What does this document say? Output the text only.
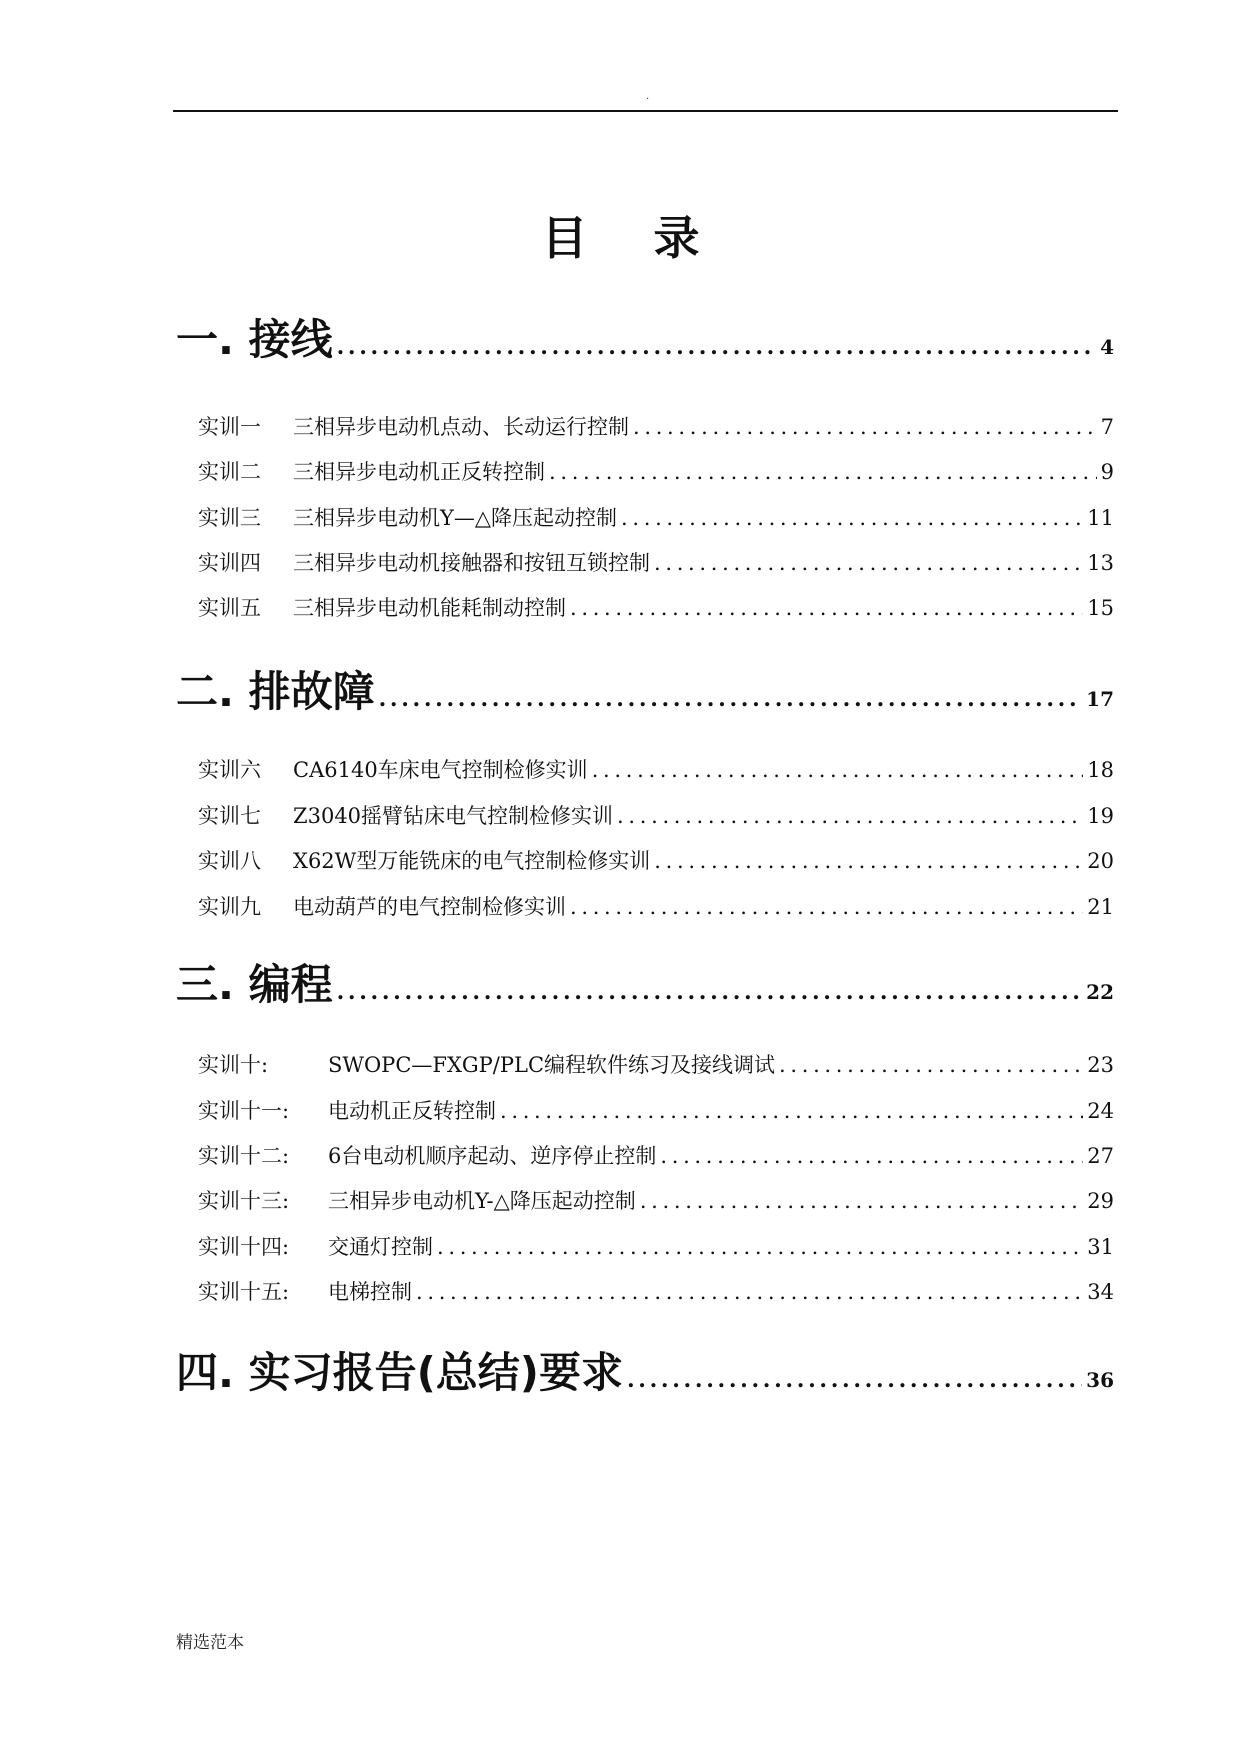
.
目录
一. 接线 . . .	4
实训一 三相异步电动机点动、长动运行控制 . . .	7
实训二 三相异步电动机正反转控制 . . .	9
实训三 三相异步电动机Y—△降压起动控制 . . .	11
实训四 三相异步电动机接触器和按钮互锁控制 . . .	13
实训五 三相异步电动机能耗制动控制 . . .	15
二. 排故障 . . .	17
实训六 CA6140车床电气控制检修实训 . . .	18
实训七 Z3040摇臂钻床电气控制检修实训 . . .	19
实训八 X62W型万能铣床的电气控制检修实训 . . .	20
实训九 电动葫芦的电气控制检修实训 . . .	21
三. 编程 . . .	22
实训十:	SWOPC—FXGP/PLC编程软件练习及接线调试 . . .	23
实训十一: 电动机正反转控制 . . .	24
实训十二: 6台电动机顺序起动、逆序停止控制 . . .	27
实训十三: 三相异步电动机Y-△降压起动控制 . . .	29
实训十四: 交通灯控制 . . .	31
实训十五: 电梯控制 . . .	34
四. 实习报告(总结)要求 . . .	36
精选范本
